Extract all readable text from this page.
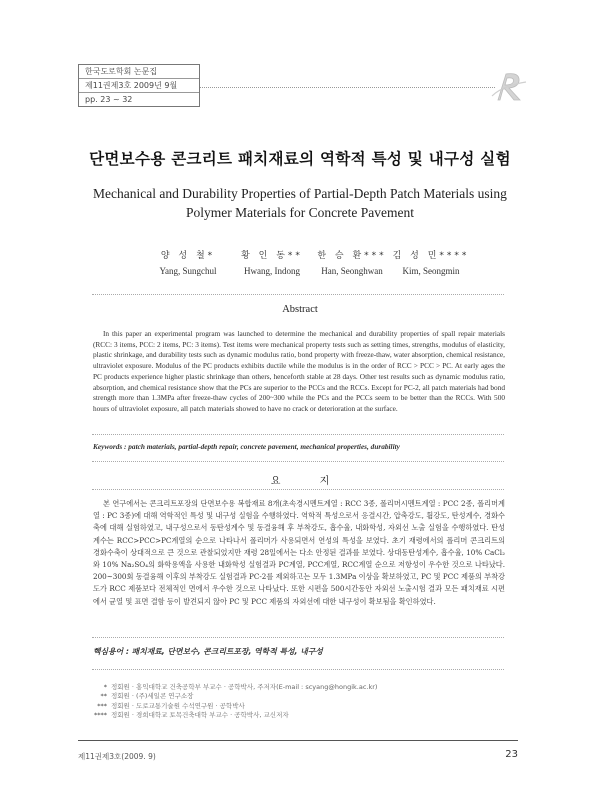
한국도로학회 논문집
제11권제3호 2009년 9월
pp. 23 ~ 32
단면보수용 콘크리트 패치재료의 역학적 특성 및 내구성 실험
Mechanical and Durability Properties of Partial-Depth Patch Materials using
Polymer Materials for Concrete Pavement
양 성 철*
Yang, Sungchul
황 인 동**
Hwang, Indong
한 승 환***
Han, Seonghwan
김 성 민****
Kim, Seongmin
Abstract

In this paper an experimental program was launched to determine the mechanical and durability properties of spall repair materials (RCC: 3 items, PCC: 2 items, PC: 3 items). Test items were mechanical property tests such as setting times, strengths, modulus of elasticity, plastic shrinkage, and durability tests such as dynamic modulus ratio, bond property with freeze-thaw, water absorption, chemical resistance, ultraviolet exposure. Modulus of the PC products exhibits ductile while the modulus is in the order of RCC > PCC > PC. At early ages the PC products experience higher plastic shrinkage than others, henceforth stable at 28 days. Other test results such as dynamic modulus ratio, absorption, and chemical resistance show that the PCs are superior to the PCCs and the RCCs. Except for PC-2, all patch materials had bond strength more than 1.3MPa after freeze-thaw cycles of 200~300 while the PCs and the PCCs seem to be better than the RCCs. With 500 hours of ultraviolet exposure, all patch materials showed to have no crack or deterioration at the surface.

Keywords : patch materials, partial-depth repair, concrete pavement, mechanical properties, durability
요 지

본 연구에서는 콘크리트포장의 단면보수용 복합재료 8개(초속경시멘트계열 : RCC 3종, 폴리머시멘트계열 : PCC 2종, 폴리머계열 : PC 3종)에 대해 역학적인 특성 및 내구성 실험을 수행하였다. 역학적 특성으로서 응결시간, 압축강도, 휨강도, 탄성계수, 경화수축에 대해 실험하였고, 내구성으로서 동탄성계수 및 동결융해 후 부착강도, 흡수율, 내화학성, 자외선 노출 실험을 수행하였다. 탄성계수는 RCC>PCC>PC계열의 순으로 나타나서 폴리머가 사용되면서 연성의 특성을 보였다. 초기 재령에서의 폴리머 콘크리트의 경화수축이 상대적으로 큰 것으로 관찰되었지만 재령 28일에서는 다소 안정된 결과를 보였다. 상대동탄성계수, 흡수율, 10% CaCl₂와 10% Na₂SO₄의 화학용액을 사용한 내화학성 실험결과 PC계열, PCC계열, RCC계열 순으로 저항성이 우수한 것으로 나타났다. 200~300회 동결융해 이후의 부착강도 실험결과 PC-2를 제외하고는 모두 1.3MPa 이상을 확보하였고, PC 및 PCC 제품의 부착강도가 RCC 제품보다 전체적인 면에서 우수한 것으로 나타났다. 또한 시편을 500시간동안 자외선 노출시험 결과 모든 패치재료 시편에서 균열 및 표면 결함 등이 발견되지 않아 PC 및 PCC 제품의 자외선에 대한 내구성이 확보됨을 확인하였다.

핵심용어 : 패치재료, 단면보수, 콘크리트포장, 역학적 특성, 내구성
* 정회원 · 홍익대학교 건축공학부 부교수 · 공학박사, 주저자(E-mail : scyang@hongik.ac.kr)
** 정회원 · (주)세일콘 연구소장
*** 정회원 · 도로교통기술원 수석연구원 · 공학박사
**** 정회원 · 경희대학교 토목건축대학 부교수 · 공학박사, 교신저자
제11권제3호(2009. 9)	23
